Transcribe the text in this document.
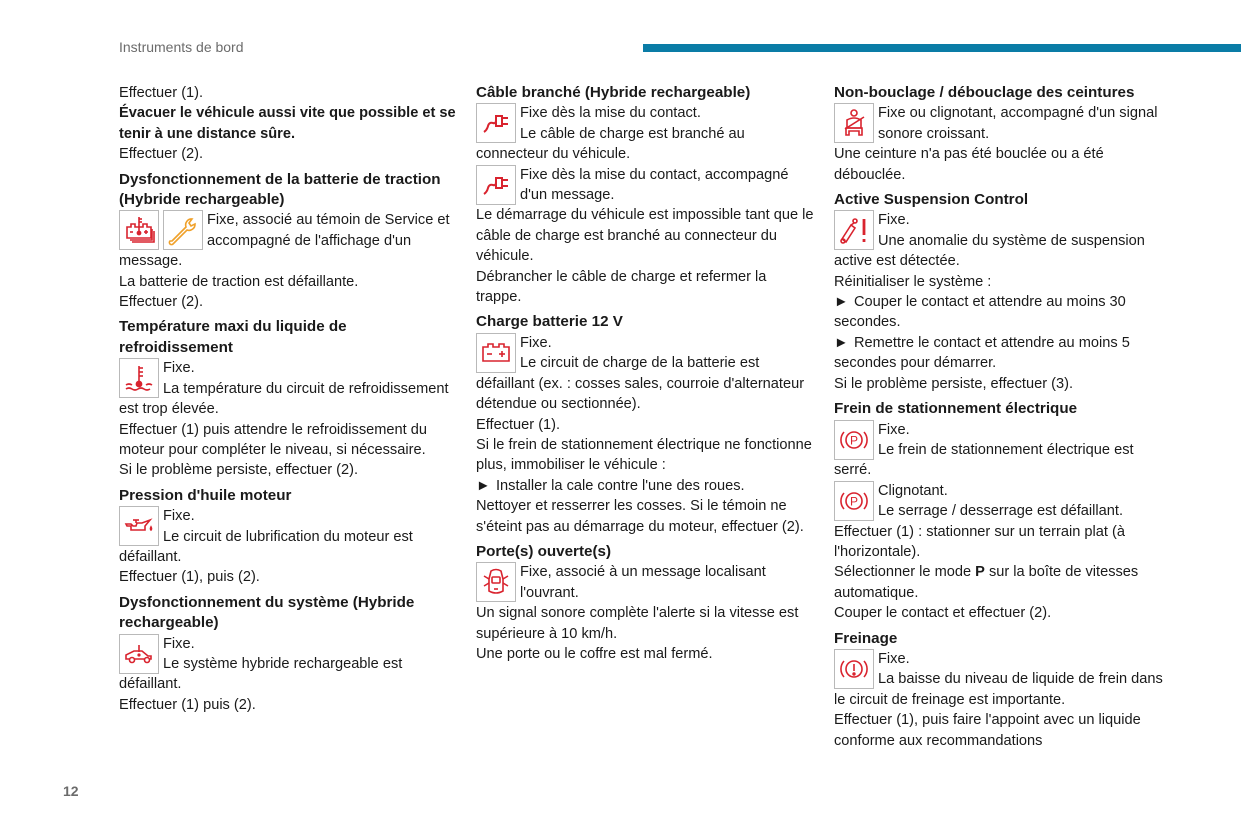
Instruments de bord

Effectuer (1).

Évacuer le véhicule aussi vite que possible et se tenir à une distance sûre.

Effectuer (2).

Dysfonctionnement de la batterie de traction (Hybride rechargeable)
Fixe, associé au témoin de Service et accompagné de l'affichage d'un message.

La batterie de traction est défaillante.

Effectuer (2).

Température maxi du liquide de refroidissement
Fixe.
La température du circuit de refroidissement est trop élevée.

Effectuer (1) puis attendre le refroidissement du moteur pour compléter le niveau, si nécessaire.

Si le problème persiste, effectuer (2).

Pression d'huile moteur
Fixe.
Le circuit de lubrification du moteur est défaillant.

Effectuer (1), puis (2).

Dysfonctionnement du système (Hybride rechargeable)
Fixe.
Le système hybride rechargeable est défaillant.

Effectuer (1) puis (2).

Câble branché (Hybride rechargeable)
Fixe dès la mise du contact.
Le câble de charge est branché au connecteur du véhicule.
Fixe dès la mise du contact, accompagné d'un message.

Le démarrage du véhicule est impossible tant que le câble de charge est branché au connecteur du véhicule.

Débrancher le câble de charge et refermer la trappe.

Charge batterie 12 V
Fixe.
Le circuit de charge de la batterie est défaillant (ex. : cosses sales, courroie d'alternateur détendue ou sectionnée).

Effectuer (1).

Si le frein de stationnement électrique ne fonctionne plus, immobiliser le véhicule :

► Installer la cale contre l'une des roues.

Nettoyer et resserrer les cosses. Si le témoin ne s'éteint pas au démarrage du moteur, effectuer (2).

Porte(s) ouverte(s)
Fixe, associé à un message localisant l'ouvrant.

Un signal sonore complète l'alerte si la vitesse est supérieure à 10 km/h.

Une porte ou le coffre est mal fermé.

Non-bouclage / débouclage des ceintures
Fixe ou clignotant, accompagné d'un signal sonore croissant.

Une ceinture n'a pas été bouclée ou a été débouclée.

Active Suspension Control
Fixe.
Une anomalie du système de suspension active est détectée.

Réinitialiser le système :

► Couper le contact et attendre au moins 30 secondes.

► Remettre le contact et attendre au moins 5 secondes pour démarrer.

Si le problème persiste, effectuer (3).

Frein de stationnement électrique
P
Fixe.
Le frein de stationnement électrique est serré.
P
Clignotant.
Le serrage / desserrage est défaillant.

Effectuer (1) : stationner sur un terrain plat (à l'horizontale).

Sélectionner le mode P sur la boîte de vitesses automatique.

Couper le contact et effectuer (2).

Freinage
Fixe.
La baisse du niveau de liquide de frein dans le circuit de freinage est importante.

Effectuer (1), puis faire l'appoint avec un liquide conforme aux recommandations

12
